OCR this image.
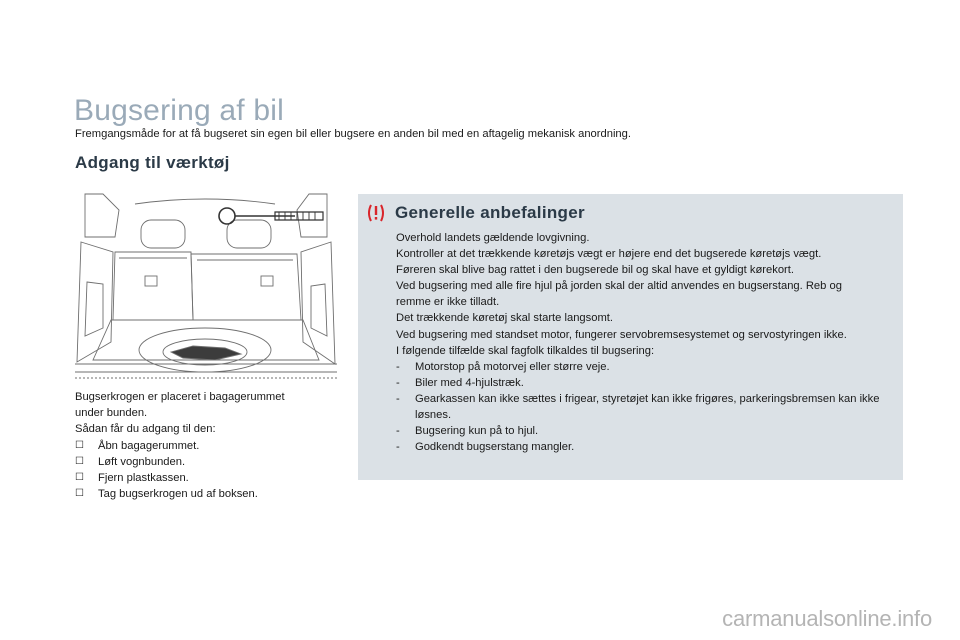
Bugsering af bil
Fremgangsmåde for at få bugseret sin egen bil eller bugsere en anden bil med en aftagelig mekanisk anordning.
Adgang til værktøj
Bugserkrogen er placeret i bagagerummet
under bunden.
Sådan får du adgang til den:
☐ Åbn bagagerummet.
☐ Løft vognbunden.
☐ Fjern plastkassen.
☐ Tag bugserkrogen ud af boksen.
Generelle anbefalinger
Overhold landets gældende lovgivning.
Kontroller at det trækkende køretøjs vægt er højere end det bugserede køretøjs vægt.
Føreren skal blive bag rattet i den bugserede bil og skal have et gyldigt kørekort.
Ved bugsering med alle fire hjul på jorden skal der altid anvendes en bugserstang. Reb og
remme er ikke tilladt.
Det trækkende køretøj skal starte langsomt.
Ved bugsering med standset motor, fungerer servobremsesystemet og servostyringen ikke.
I følgende tilfælde skal fagfolk tilkaldes til bugsering:
- Motorstop på motorvej eller større veje.
- Biler med 4-hjulstræk.
- Gearkassen kan ikke sættes i frigear, styretøjet kan ikke frigøres, parkeringsbremsen kan ikke løsnes.
- Bugsering kun på to hjul.
- Godkendt bugserstang mangler.
carmanualsonline.info
